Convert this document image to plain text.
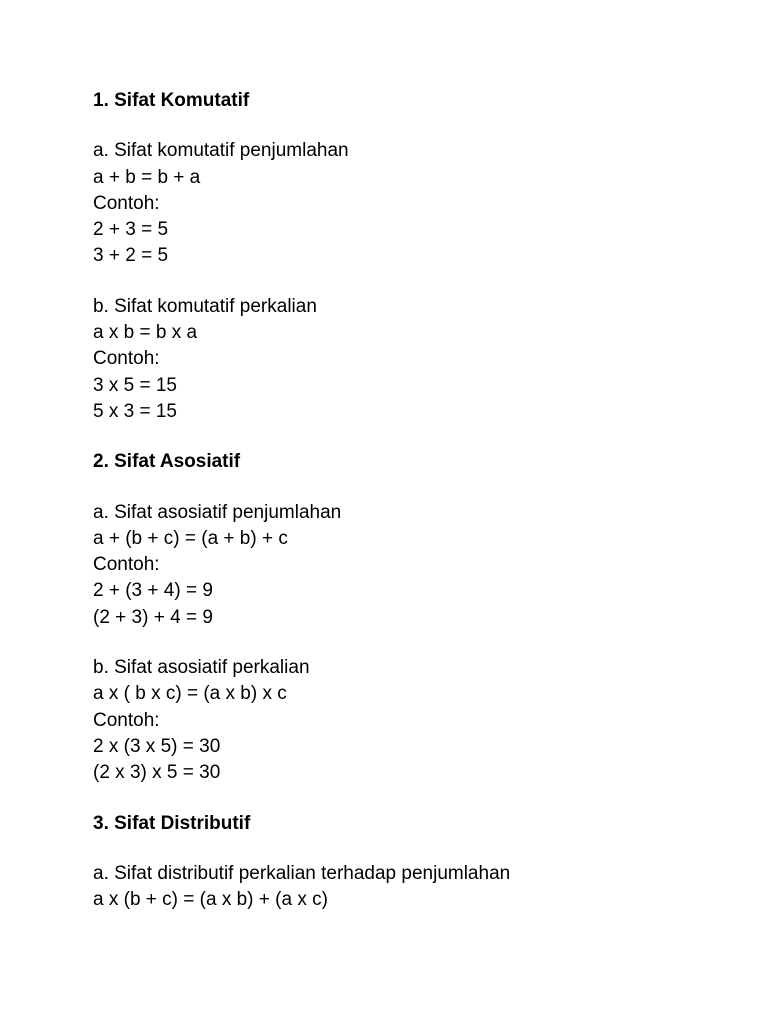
1. Sifat Komutatif
a. Sifat komutatif penjumlahan
a + b = b + a
Contoh:
2 + 3 = 5
3 + 2 = 5
b. Sifat komutatif perkalian
a x b = b x a
Contoh:
3 x 5 = 15
5 x 3 = 15
2. Sifat Asosiatif
a. Sifat asosiatif penjumlahan
a + (b + c) = (a + b) + c
Contoh:
2 + (3 + 4) = 9
(2 + 3) + 4 = 9
b. Sifat asosiatif perkalian
a x ( b x c) = (a x b) x c
Contoh:
2 x (3 x 5) = 30
(2 x 3) x 5 = 30
3. Sifat Distributif
a. Sifat distributif perkalian terhadap penjumlahan
a x (b + c) = (a x b) + (a x c)
